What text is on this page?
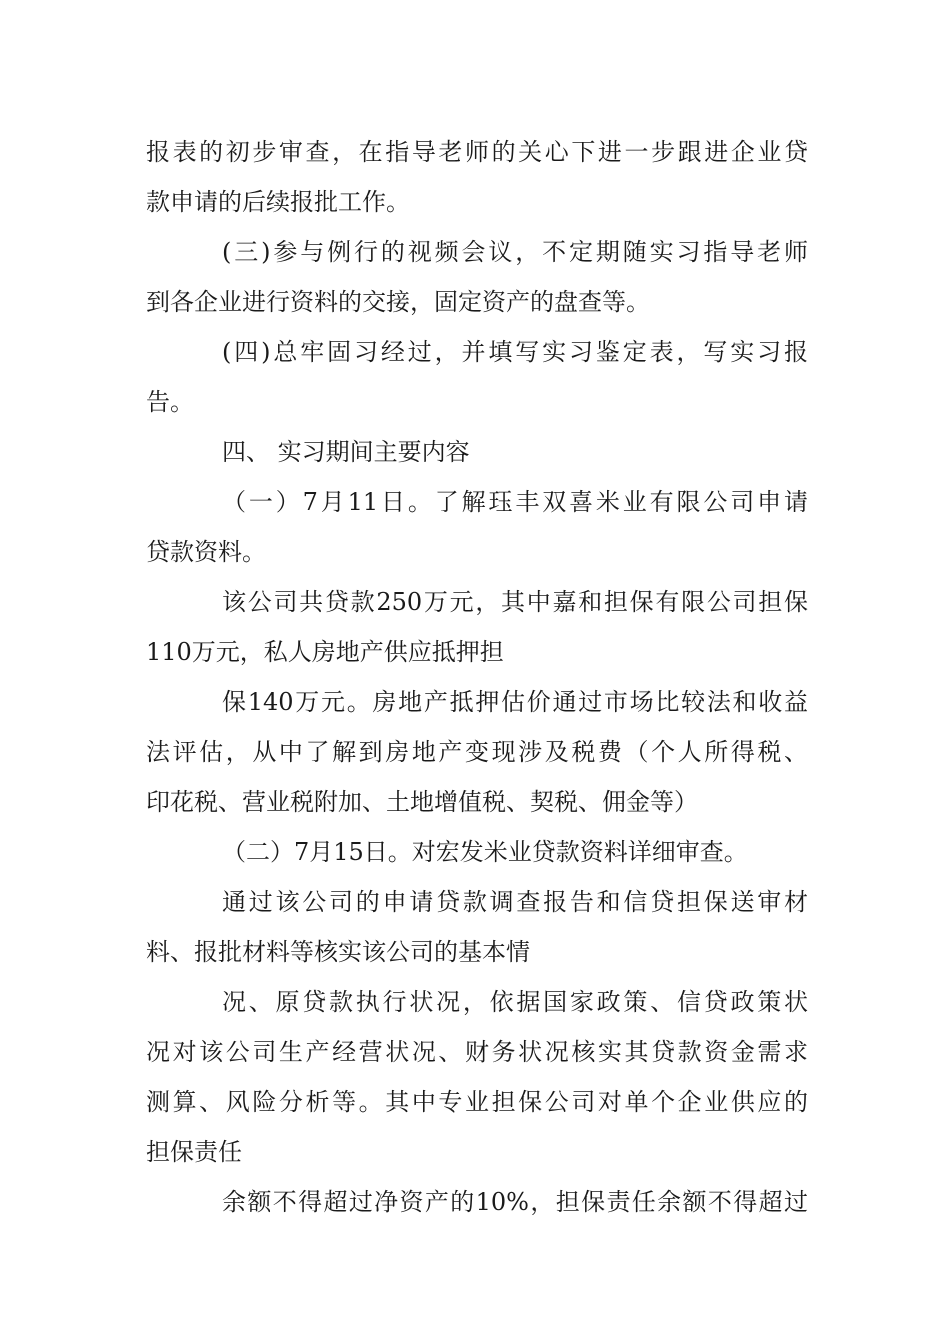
报表的初步审查，在指导老师的关心下进一步跟进企业贷
款申请的后续报批工作。
(三)参与例行的视频会议，不定期随实习指导老师
到各企业进行资料的交接，固定资产的盘查等。
(四)总牢固习经过，并填写实习鉴定表，写实习报
告。
四、 实习期间主要内容
（一）7月11日。了解珏丰双喜米业有限公司申请
贷款资料。
该公司共贷款250万元，其中嘉和担保有限公司担保
110万元，私人房地产供应抵押担
保140万元。房地产抵押估价通过市场比较法和收益
法评估，从中了解到房地产变现涉及税费（个人所得税、
印花税、营业税附加、土地增值税、契税、佣金等）
（二）7月15日。对宏发米业贷款资料详细审查。
通过该公司的申请贷款调查报告和信贷担保送审材
料、报批材料等核实该公司的基本情
况、原贷款执行状况，依据国家政策、信贷政策状
况对该公司生产经营状况、财务状况核实其贷款资金需求
测算、风险分析等。其中专业担保公司对单个企业供应的
担保责任
余额不得超过净资产的10%，担保责任余额不得超过
